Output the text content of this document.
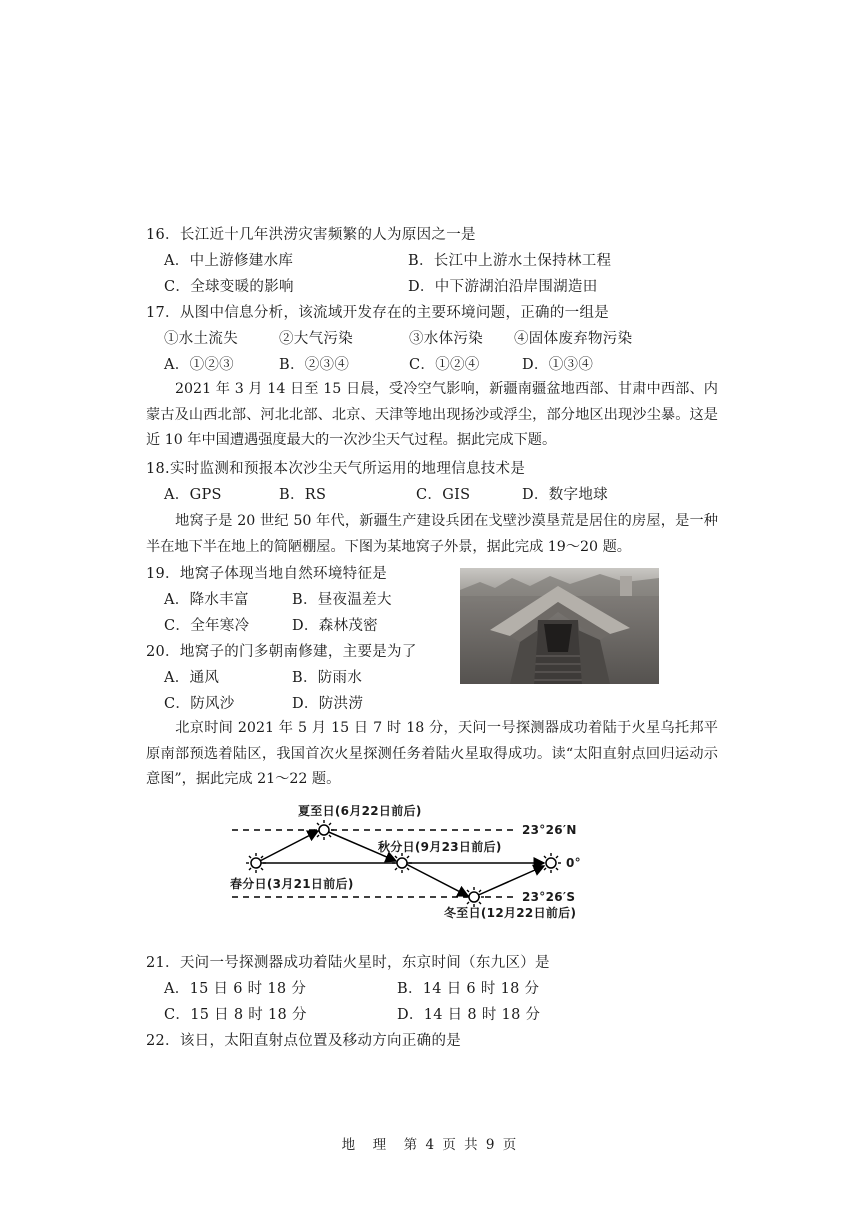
16．长江近十几年洪涝灾害频繁的人为原因之一是
A．中上游修建水库	B．长江中上游水土保持林工程
C．全球变暖的影响	D．中下游湖泊沿岸围湖造田
17．从图中信息分析，该流域开发存在的主要环境问题，正确的一组是
①水土流失	②大气污染	③水体污染 ④固体废弃物污染
A．①②③	B．②③④	C．①②④	D．①③④
2021 年 3 月 14 日至 15 日晨，受冷空气影响，新疆南疆盆地西部、甘肃中西部、内蒙古及山西北部、河北北部、北京、天津等地出现扬沙或浮尘，部分地区出现沙尘暴。这是近 10 年中国遭遇强度最大的一次沙尘天气过程。据此完成下题。
18.实时监测和预报本次沙尘天气所运用的地理信息技术是
A．GPS	B．RS	C．GIS	D．数字地球
地窝子是 20 世纪 50 年代，新疆生产建设兵团在戈壁沙漠垦荒是居住的房屋，是一种半在地下半在地上的简陋棚屋。下图为某地窝子外景，据此完成 19～20 题。
19．地窝子体现当地自然环境特征是
A．降水丰富	B．昼夜温差大
C．全年寒冷	D．森林茂密
20．地窝子的门多朝南修建，主要是为了
A．通风	B．防雨水
C．防风沙	D．防洪涝
北京时间 2021 年 5 月 15 日 7 时 18 分，天问一号探测器成功着陆于火星乌托邦平原南部预选着陆区，我国首次火星探测任务着陆火星取得成功。读“太阳直射点回归运动示意图”，据此完成 21～22 题。
夏至日(6月22日前后)
秋分日(9月23日前后)
春分日(3月21日前后)
冬至日(12月22日前后)
23°26′N
0°
23°26′S
21．天问一号探测器成功着陆火星时，东京时间（东九区）是
A．15 日 6 时 18 分	B．14 日 6 时 18 分
C．15 日 8 时 18 分	D．14 日 8 时 18 分
22．该日，太阳直射点位置及移动方向正确的是
地　理　第 4 页 共 9 页
